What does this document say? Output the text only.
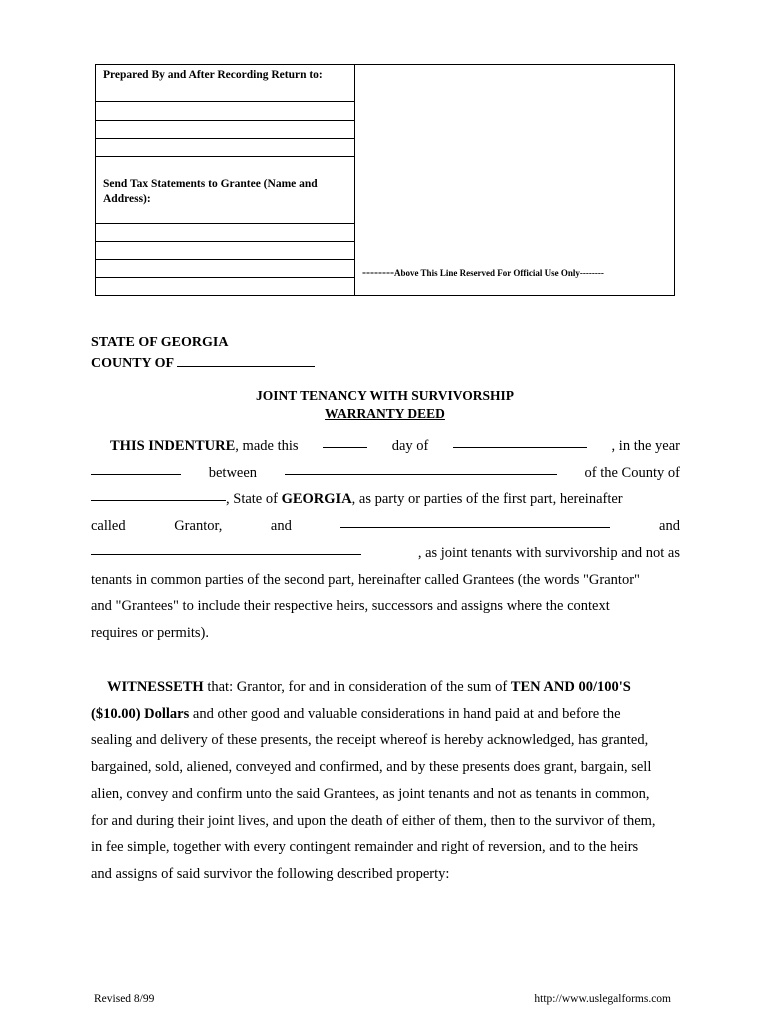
Prepared By and After Recording Return to:
Send Tax Statements to Grantee (Name and Address):
--------Above This Line Reserved For Official Use Only--------
STATE OF GEORGIA
COUNTY OF
JOINT TENANCY WITH SURVIVORSHIP
WARRANTY DEED
THIS INDENTURE, made this	day of	, in the year
between	of the County of
, State of
GEORGIA , as party or parties of the first part, hereinafter
called	Grantor,	and	and
, as joint tenants with survivorship and not as
tenants in common parties of the second part, hereinafter called Grantees (the words "Grantor"
and "Grantees" to include their respective heirs, successors and assigns where the context
requires or permits).
WITNESSETH that: Grantor, for and in consideration of the sum of TEN AND 00/100'S
($10.00) Dollars and other good and valuable considerations in hand paid at and before the
sealing and delivery of these presents, the receipt whereof is hereby acknowledged, has granted,
bargained, sold, aliened, conveyed and confirmed, and by these presents does grant, bargain, sell
alien, convey and confirm unto the said Grantees, as joint tenants and not as tenants in common,
for and during their joint lives, and upon the death of either of them, then to the survivor of them,
in fee simple, together with every contingent remainder and right of reversion, and to the heirs
and assigns of said survivor the following described property:
Revised 8/99	http://www.uslegalforms.com
